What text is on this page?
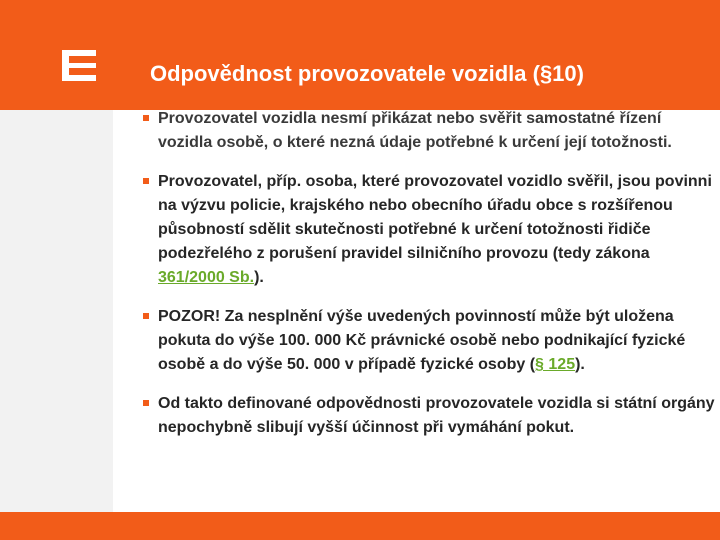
Odpovědnost provozovatele vozidla (§10)
Provozovatel vozidla nesmí přikázat nebo svěřit samostatné řízení vozidla osobě, o které nezná údaje potřebné k určení její totožnosti.
Provozovatel, příp. osoba, které provozovatel vozidlo svěřil, jsou povinni na výzvu policie, krajského nebo obecního úřadu obce s rozšířenou působností sdělit skutečnosti potřebné k určení totožnosti řidiče podezřelého z porušení pravidel silničního provozu (tedy zákona 361/2000 Sb.).
POZOR! Za nesplnění výše uvedených povinností může být uložena pokuta do výše 100. 000 Kč právnické osobě nebo podnikající fyzické osobě a do výše 50. 000 v případě fyzické osoby (§ 125).
Od takto definované odpovědnosti provozovatele vozidla si státní orgány nepochybně slibují vyšší účinnost při vymáhání pokut.
